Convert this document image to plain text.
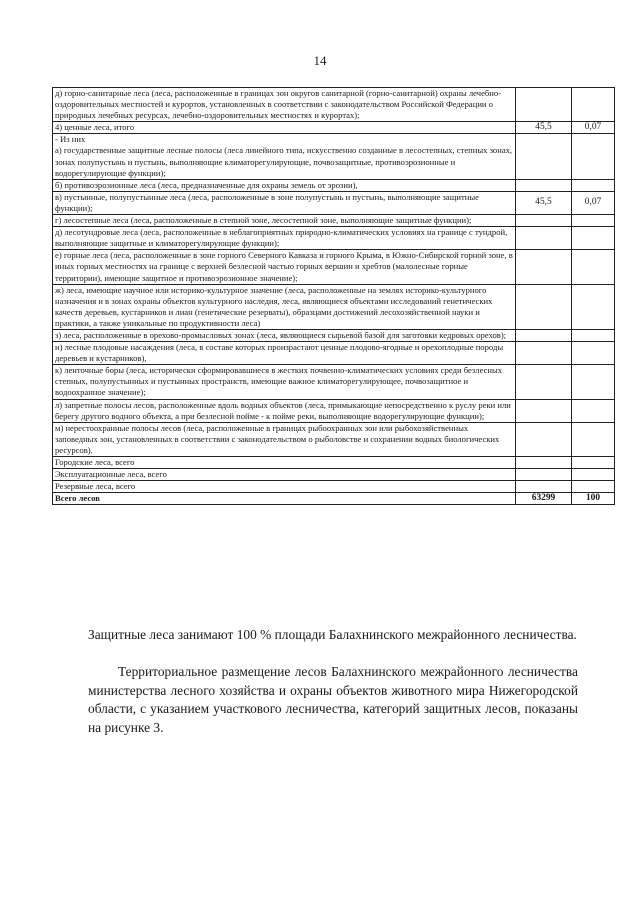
14
д) горно-санитарные леса (леса, расположенные в границах зон округов санитарной (горно-санитарной) охраны лечебно-оздоровительных местностей и курортов, установленных в соответствии с законодательством Российской Федерации о природных лечебных ресурсах, лечебно-оздоровительных местностях и курортах);		
4) ценные леса, итого	45,5	0,07
- Из них
а) государственные защитные лесные полосы (леса линейного типа, искусственно созданные в лесостепных, степных зонах, зонах полупустынь и пустынь, выполняющие климаторегулирующие, почвозащитные, противоэрозионные и водорегулирующие функции);		
б) противоэрозионные леса (леса, предназначенные для охраны земель от эрозии),		
в) пустынные, полупустынные леса (леса, расположенные в зоне полупустынь и пустынь, выполняющие защитные функции);	45,5	0,07
г) лесостепные леса (леса, расположенные в степной зоне, лесостепной зоне, выполняющие защитные функции);		
д) лесотундровые леса (леса, расположенные в неблагоприятных природно-климатических условиях на границе с тундрой, выполняющие защитные и климаторегулирующие функции);		
е) горные леса (леса, расположенные в зоне горного Северного Кавказа и горного Крыма, в Южно-Сибирской горной зоне, в иных горных местностях на границе с верхней безлесной частью горных вершин и хребтов (малолесные горные территории), имеющие защитное и противоэрозионное значение);		
ж) леса, имеющие научное или историко-культурное значение (леса, расположенные на землях историко-культурного назначения и в зонах охраны объектов культурного наследия, леса, являющиеся объектами исследований генетических качеств деревьев, кустарников и лиан (генетические резерваты), образцами достижений лесохозяйственной науки и практики, а также уникальные по продуктивности леса)		
з) леса, расположенные в орехово-промысловых зонах (леса, являющиеся сырьевой базой для заготовки кедровых орехов);		
и) лесные плодовые насаждения (леса, в составе которых произрастают ценные плодово-ягодные и орехоплодные породы деревьев и кустарников),		
к) ленточные боры (леса, исторически сформировавшиеся в жестких почвенно-климатических условиях среди безлесных степных, полупустынных и пустынных пространств, имеющие важное климаторегулирующее, почвозащитное и водоохранное значение);		
л) запретные полосы лесов, расположенные вдоль водных объектов (леса, примыкающие непосредственно к руслу реки или берегу другого водного объекта, а при безлесной пойме - к пойме реки, выполняющие водорегулирующие функции);		
м) нерестоохранные полосы лесов (леса, расположенные в границах рыбоохранных зон или рыбохозяйственных заповедных зон, установленных в соответствии с законодательством о рыболовстве и сохранении водных биологических ресурсов).		
Городские леса, всего		
Эксплуатационные леса, всего		
Резервные леса, всего		
Всего лесов	63299	100
Защитные леса занимают 100 % площади Балахнинского межрайонного лесничества.
Территориальное размещение лесов Балахнинского межрайонного лесничества министерства лесного хозяйства и охраны объектов животного мира Нижегородской области, с указанием участкового лесничества, категорий защитных лесов, показаны на рисунке 3.
